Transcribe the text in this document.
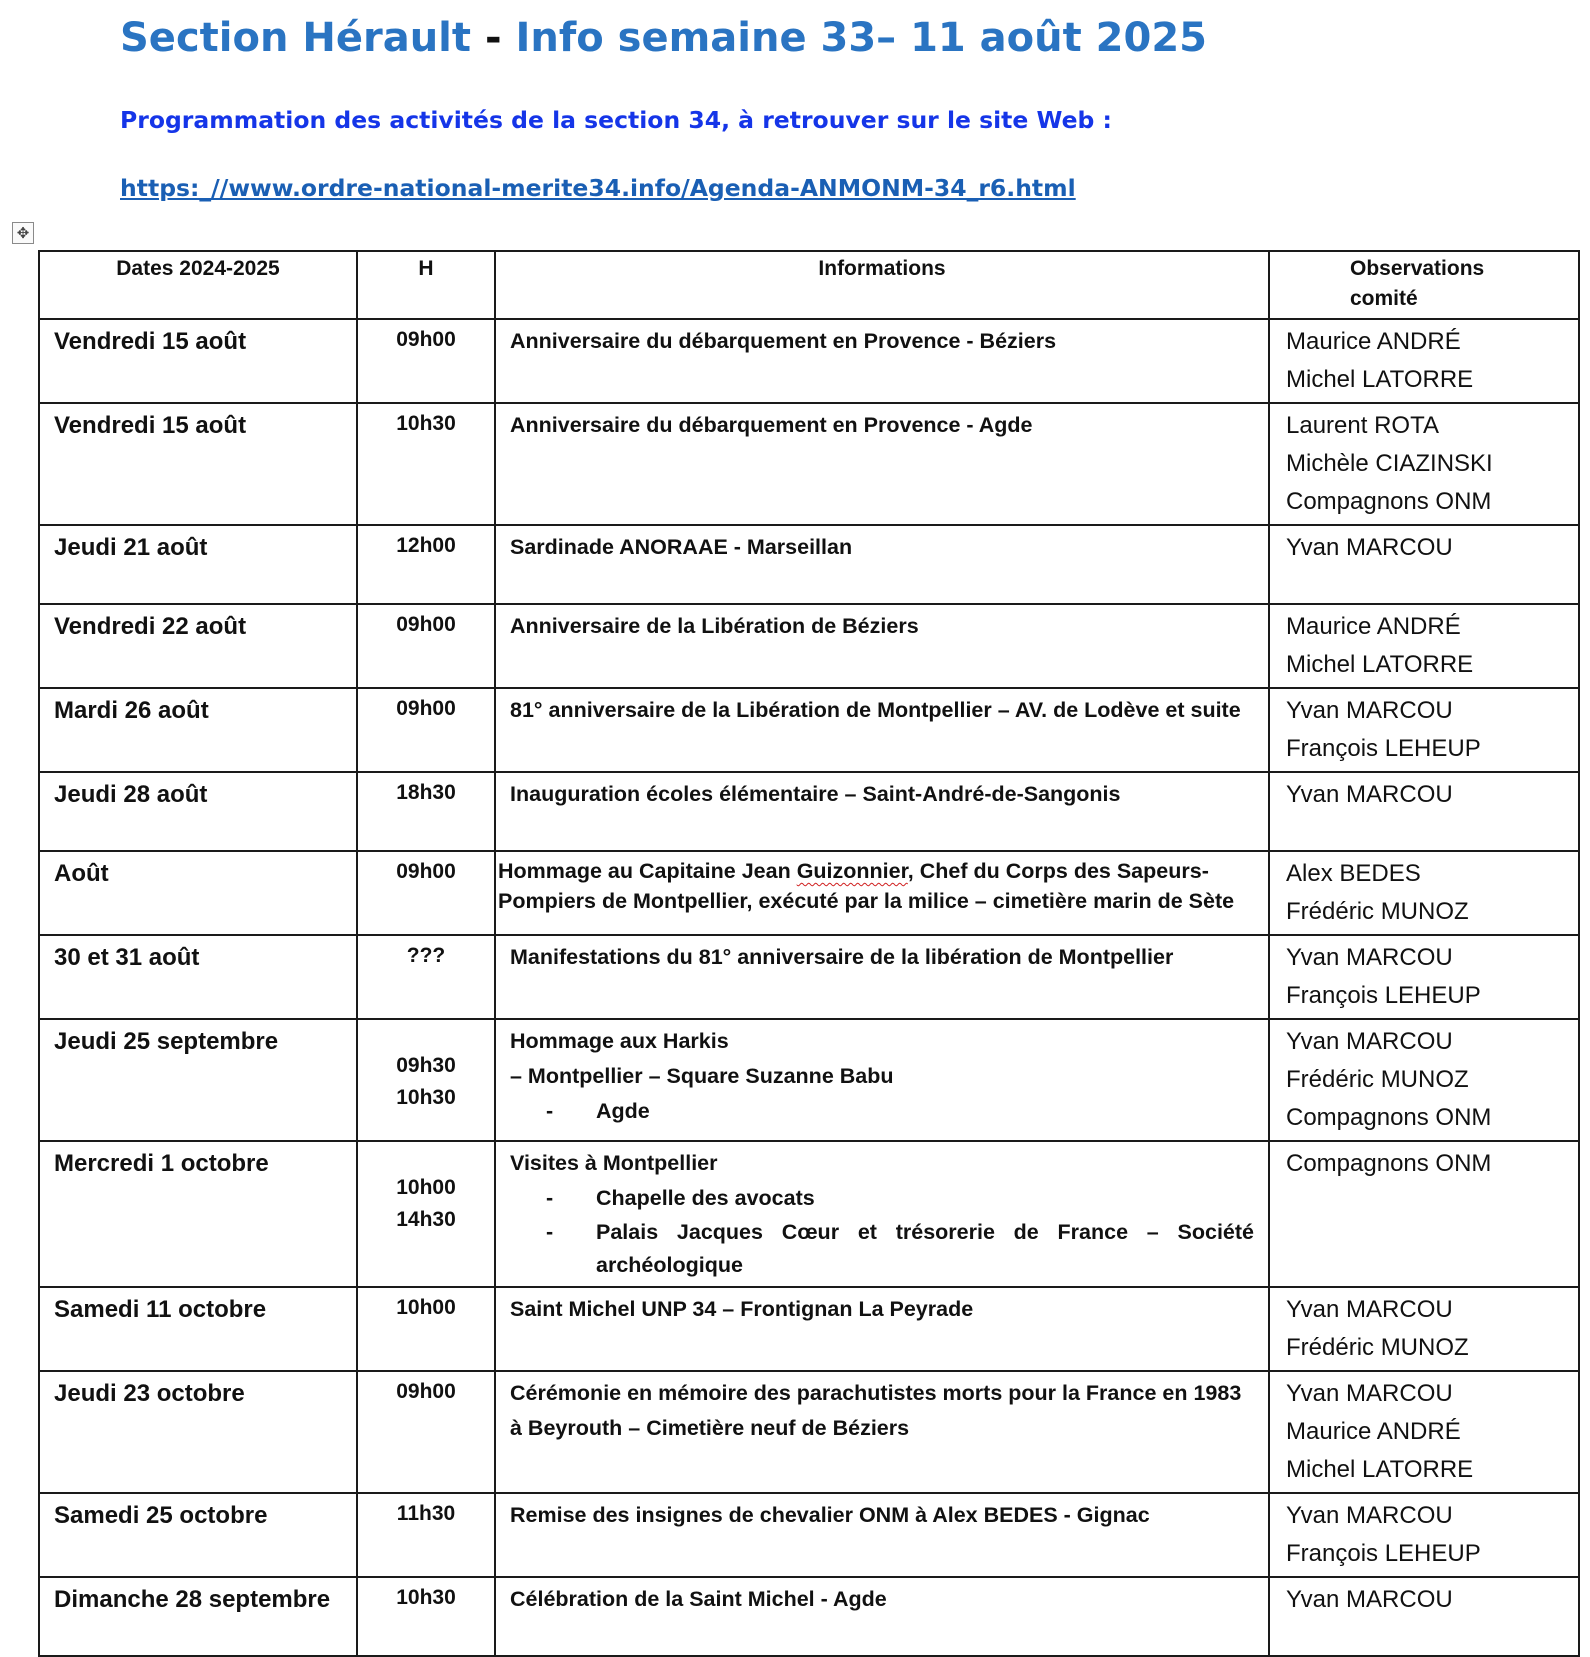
Section Hérault - Info semaine 33– 11 août 2025

Programmation des activités de la section 34, à retrouver sur le site Web :

https:_//www.ordre-national-merite34.info/Agenda-ANMONM-34_r6.html
✥
Dates 2024-2025	H	Informations	Observations
comité

Vendredi 15 août	09h00	Anniversaire du débarquement en Provence - Béziers	Maurice ANDRÉ
Michel LATORRE

Vendredi 15 août	10h30	Anniversaire du débarquement en Provence - Agde	Laurent ROTA
Michèle CIAZINSKI
Compagnons ONM

Jeudi 21 août	12h00	Sardinade ANORAAE - Marseillan	Yvan MARCOU

Vendredi 22 août	09h00	Anniversaire de la Libération de Béziers	Maurice ANDRÉ
Michel LATORRE

Mardi 26 août	09h00	81° anniversaire de la Libération de Montpellier – AV. de Lodève et suite	Yvan MARCOU
François LEHEUP

Jeudi 28 août	18h30	Inauguration écoles élémentaire – Saint-André-de-Sangonis	Yvan MARCOU

Août	09h00	Hommage au Capitaine Jean Guizonnier, Chef du Corps des Sapeurs-
Pompiers de Montpellier, exécuté par la milice – cimetière marin de Sète	Alex BEDES
Frédéric MUNOZ

30 et 31 août	???	Manifestations du 81° anniversaire de la libération de Montpellier	Yvan MARCOU
François LEHEUP

Jeudi 25 septembre	09h30
10h30	Hommage aux Harkis
– Montpellier – Square Suzanne Babu
- Agde	Yvan MARCOU
Frédéric MUNOZ
Compagnons ONM

Mercredi 1 octobre	10h00
14h30	Visites à Montpellier
- Chapelle des avocats
- Palais Jacques Cœur et trésorerie de France – Société archéologique	Compagnons ONM

Samedi 11 octobre	10h00	Saint Michel UNP 34 – Frontignan La Peyrade	Yvan MARCOU
Frédéric MUNOZ

Jeudi 23 octobre	09h00	Cérémonie en mémoire des parachutistes morts pour la France en 1983
à Beyrouth – Cimetière neuf de Béziers	Yvan MARCOU
Maurice ANDRÉ
Michel LATORRE

Samedi 25 octobre	11h30	Remise des insignes de chevalier ONM à Alex BEDES - Gignac	Yvan MARCOU
François LEHEUP

Dimanche 28 septembre	10h30	Célébration de la Saint Michel - Agde	Yvan MARCOU
